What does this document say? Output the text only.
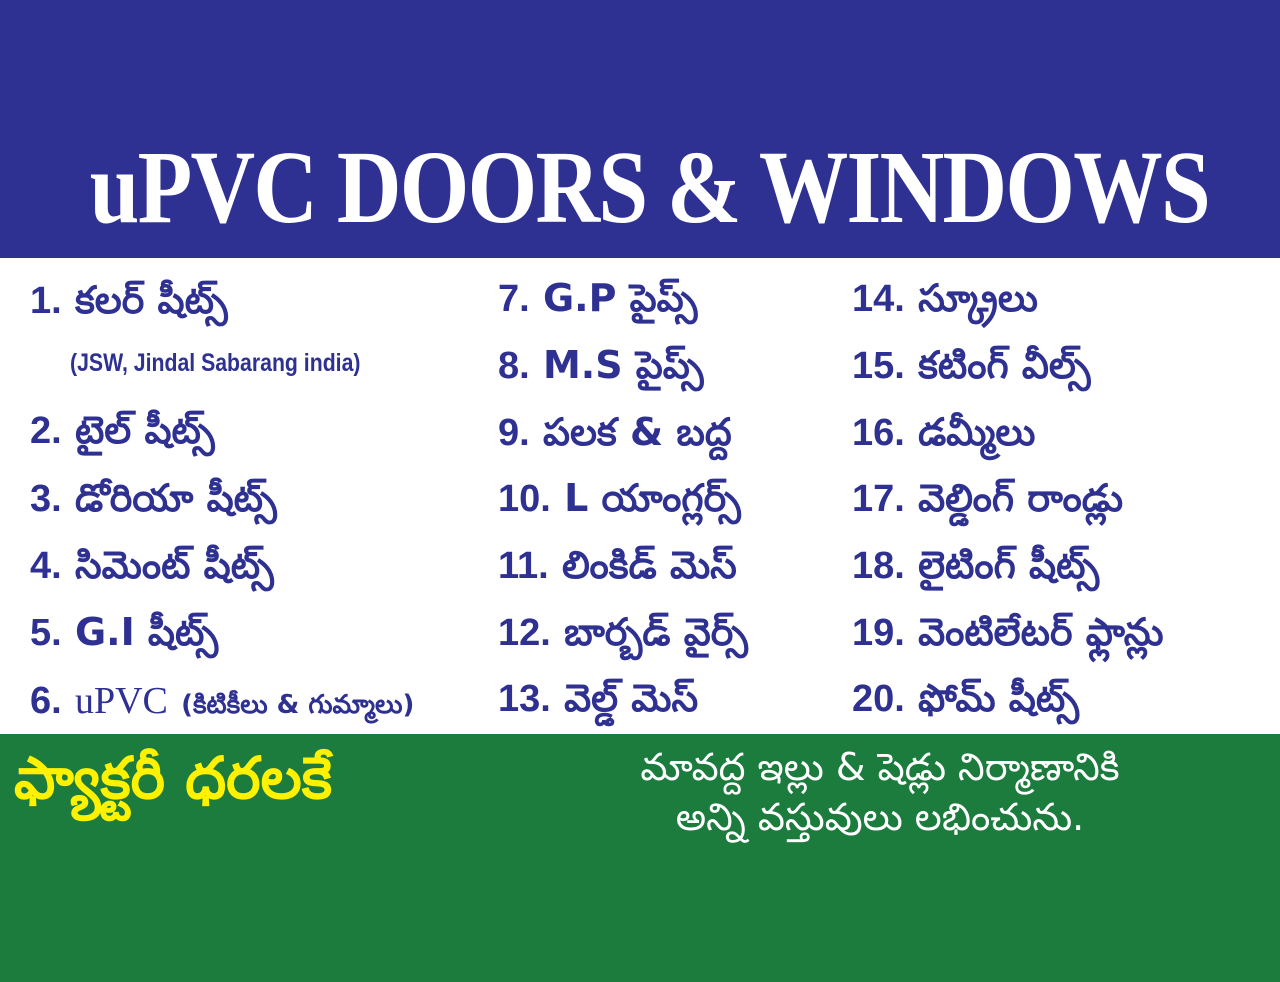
uPVC DOORS & WINDOWS
1. కలర్ షీట్స్
(JSW, Jindal Sabarang india)
2. టైల్ షీట్స్
3. డోరియా షీట్స్
4. సిమెంట్ షీట్స్
5. G.I షీట్స్
6. uPVC (కిటికీలు & గుమ్మాలు)
7. G.P పైప్స్
8. M.S పైప్స్
9. పలక & బద్ద
10. L యాంగ్లర్స్
11. లింకిడ్ మెస్
12. బార్బడ్ వైర్స్
13. వెల్డ్ మెస్
14. స్క్రూలు
15. కటింగ్ వీల్స్
16. డమ్మీలు
17. వెల్డింగ్ రాండ్లు
18. లైటింగ్ షీట్స్
19. వెంటిలేటర్ ఫ్లాన్లు
20. ఫోమ్ షీట్స్
ఫ్యాక్టరీ ధరలకే	మావద్ద ఇల్లు & షెడ్లు నిర్మాణానికి
అన్ని వస్తువులు లభించును.
